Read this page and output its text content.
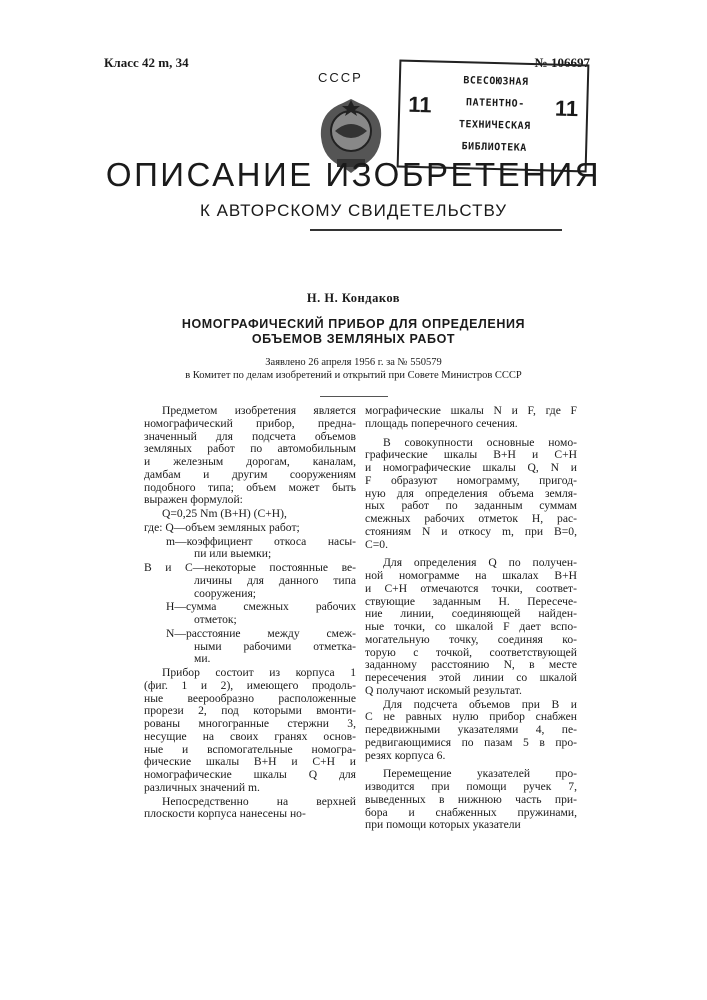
Класс 42 m, 34	№ 106697
СССР
11	11
ВСЕСОЮЗНАЯ
ПАТЕНТНО-
ТЕХНИЧЕСКАЯ
БИБЛИОТЕКА
ОПИСАНИЕ ИЗОБРЕТЕНИЯ
К АВТОРСКОМУ СВИДЕТЕЛЬСТВУ
Н. Н. Кондаков
НОМОГРАФИЧЕСКИЙ ПРИБОР ДЛЯ ОПРЕДЕЛЕНИЯ
ОБЪЕМОВ ЗЕМЛЯНЫХ РАБОТ
Заявлено 26 апреля 1956 г. за № 550579
в Комитет по делам изобретений и открытий при Совете Министров СССР
Предметом изобретения является
номографический прибор, предна-
значенный для подсчета объемов
земляных работ по автомобильным
и железным дорогам, каналам,
дамбам и другим сооружениям
подобного типа; объем может быть
выражен формулой:
Q=0,25 Nm (B+H) (C+H),
где: Q—объем земляных работ;
m—коэффициент откоса насы-
пи или выемки;
B и C—некоторые постоянные ве-
личины для данного типа
сооружения;
H—сумма смежных рабочих
отметок;
N—расстояние между смеж-
ными рабочими отметка-
ми.
Прибор состоит из корпуса 1
(фиг. 1 и 2), имеющего продоль-
ные веерообразно расположенные
прорези 2, под которыми вмонти-
рованы многогранные стержни 3,
несущие на своих гранях основ-
ные и вспомогательные номогра-
фические шкалы B+H и C+H и
номографические шкалы Q для
различных значений m.
Непосредственно на верхней
плоскости корпуса нанесены но-
мографические шкалы N и F, где F
площадь поперечного сечения.
В совокупности основные номо-
графические шкалы B+H и C+H
и номографические шкалы Q, N и
F образуют номограмму, пригод-
ную для определения объема земля-
ных работ по заданным суммам
смежных рабочих отметок H, рас-
стояниям N и откосу m, при B=0,
C=0.
Для определения Q по получен-
ной номограмме на шкалах B+H
и C+H отмечаются точки, соответ-
ствующие заданным H. Пересече-
ние линии, соединяющей найден-
ные точки, со шкалой F дает вспо-
могательную точку, соединяя ко-
торую с точкой, соответствующей
заданному расстоянию N, в месте
пересечения этой линии со шкалой
Q получают искомый результат.
Для подсчета объемов при B и
C не равных нулю прибор снабжен
передвижными указателями 4, пе-
редвигающимися по пазам 5 в про-
резях корпуса 6.
Перемещение указателей про-
изводится при помощи ручек 7,
выведенных в нижнюю часть при-
бора и снабженных пружинами,
при помощи которых указатели
